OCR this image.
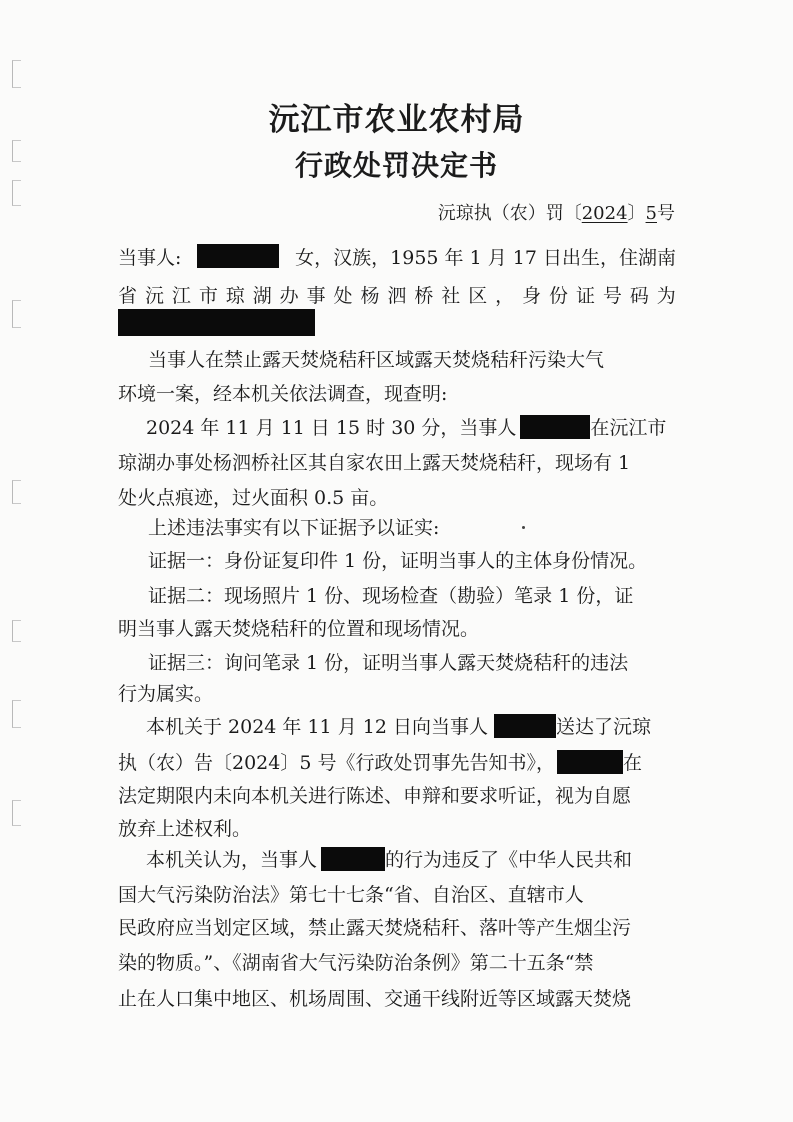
沅江市农业农村局
行政处罚决定书
沅琼执（农）罚〔2024〕5号
当事人:	女，汉族，1955 年 1 月 17 日出生，住湖南
省 沅 江 市 琼 湖 办 事 处 杨 泗 桥 社 区 ， 身 份 证 号 码 为
当事人在禁止露天焚烧秸秆区域露天焚烧秸秆污染大气
环境一案，经本机关依法调查，现查明:
2024 年 11 月 11 日 15 时 30 分，当事人	在沅江市
琼湖办事处杨泗桥社区其自家农田上露天焚烧秸秆，现场有 1
处火点痕迹，过火面积 0.5 亩。
上述违法事实有以下证据予以证实:
证据一：身份证复印件 1 份，证明当事人的主体身份情况。
证据二：现场照片 1 份、现场检查（勘验）笔录 1 份，证
明当事人露天焚烧秸秆的位置和现场情况。
证据三：询问笔录 1 份，证明当事人露天焚烧秸秆的违法
行为属实。
本机关于 2024 年 11 月 12 日向当事人	送达了沅琼
执（农）告〔2024〕5 号《行政处罚事先告知书》，	在
法定期限内未向本机关进行陈述、申辩和要求听证，视为自愿
放弃上述权利。
本机关认为，当事人	的行为违反了《中华人民共和
国大气污染防治法》第七十七条“省、自治区、直辖市人
民政府应当划定区域，禁止露天焚烧秸秆、落叶等产生烟尘污
染的物质。”、《湖南省大气污染防治条例》第二十五条“禁
止在人口集中地区、机场周围、交通干线附近等区域露天焚烧
